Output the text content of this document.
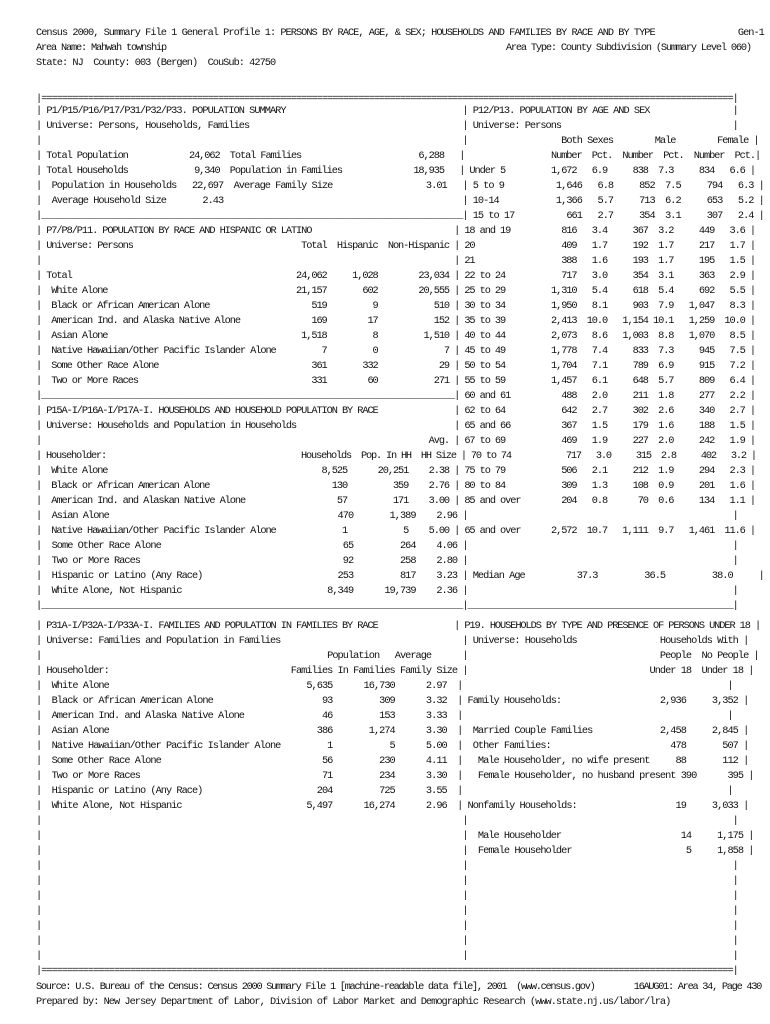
Census 2000, Summary File 1 General Profile 1: PERSONS BY RACE, AGE, & SEX; HOUSEHOLDS AND FAMILIES BY RACE AND BY TYPE                Gen-1
Area Name: Mahwah township                                                                    Area Type: County Subdivision (Summary Level 060)
State: NJ  County: 003 (Bergen)  CouSub: 42750
|=====================================================================================================================================|
| P1/P15/P16/P17/P31/P32/P33. POPULATION SUMMARY                                  | P12/P13. POPULATION BY AGE AND SEX                |
| Universe: Persons, Households, Families                                         | Universe: Persons                                 |
|                                                                                 |                  Both Sexes        Male        Female |
| Total Population            24,062  Total Families                       6,288   |                 Number  Pct.  Number  Pct.  Number  Pct.|
| Total Households             9,340  Population in Families              18,935   | Under 5         1,672   6.9     838  7.3     834   6.6 |
|  Population in Households   22,697  Average Family Size                  3.01   | 5 to 9          1,646   6.8     852  7.5     794   6.3 |
|  Average Household Size       2.43                                              | 10-14           1,366   5.7     713  6.2     653   5.2 |
|_________________________________________________________________________________| 15 to 17          661   2.7     354  3.1     307   2.4 |
| P7/P8/P11. POPULATION BY RACE AND HISPANIC OR LATINO                            | 18 and 19          816   3.4     367  3.2     449   3.6 |
| Universe: Persons                                 Total  Hispanic  Non-Hispanic | 20                 409   1.7     192  1.7     217   1.7 |
|                                                                                 | 21                 388   1.6     193  1.7     195   1.5 |
| Total                                            24,062     1,028        23,034 | 22 to 24           717   3.0     354  3.1     363   2.9 |
|  White Alone                                     21,157       602        20,555 | 25 to 29         1,310   5.4     618  5.4     692   5.5 |
|  Black or African American Alone                    519         9           510 | 30 to 34         1,950   8.1     903  7.9   1,047   8.3 |
|  American Ind. and Alaska Native Alone              169        17           152 | 35 to 39         2,413  10.0   1,154 10.1   1,259  10.0 |
|  Asian Alone                                      1,518         8         1,510 | 40 to 44         2,073   8.6   1,003  8.8   1,070   8.5 |
|  Native Hawaiian/Other Pacific Islander Alone         7         0             7 | 45 to 49         1,778   7.4     833  7.3     945   7.5 |
|  Some Other Race Alone                              361       332            29 | 50 to 54         1,704   7.1     789  6.9     915   7.2 |
|  Two or More Races                                  331        60           271 | 55 to 59         1,457   6.1     648  5.7     809   6.4 |
|_________________________________________________________________________________| 60 and 61          488   2.0     211  1.8     277   2.2 |
| P15A-I/P16A-I/P17A-I. HOUSEHOLDS AND HOUSEHOLD POPULATION BY RACE               | 62 to 64           642   2.7     302  2.6     340   2.7 |
| Universe: Households and Population in Households                               | 65 and 66          367   1.5     179  1.6     188   1.5 |
|                                                                            Avg. | 67 to 69           469   1.9     227  2.0     242   1.9 |
| Householder:                                       Households  Pop. In HH  HH Size | 70 to 74           717   3.0     315  2.8     402   3.2 |
|  White Alone                                          8,525      20,251    2.38 | 75 to 79           506   2.1     212  1.9     294   2.3 |
|  Black or African American Alone                        130         359    2.76 | 80 to 84           309   1.3     108  0.9     201   1.6 |
|  American Ind. and Alaskan Native Alone                  57         171    3.00 | 85 and over        204   0.8      70  0.6     134   1.1 |
|  Asian Alone                                            470       1,389    2.96 |                                                   |
|  Native Hawaiian/Other Pacific Islander Alone             1           5    5.00 | 65 and over      2,572  10.7   1,111  9.7   1,461  11.6 |
|  Some Other Race Alone                                   65         264    4.06 |                                                   |
|  Two or More Races                                       92         258    2.80 |                                                   |
|  Hispanic or Latino (Any Race)                          253         817    3.23 | Median Age          37.3         36.5         38.0     |
|  White Alone, Not Hispanic                            8,349      19,739    2.36 |                                                   |
|_________________________________________________________________________________|___________________________________________________|
| P31A-I/P32A-I/P33A-I. FAMILIES AND POPULATION IN FAMILIES BY RACE               | P19. HOUSEHOLDS BY TYPE AND PRESENCE OF PERSONS UNDER 18 |
| Universe: Families and Population in Families                                   | Universe: Households                Households With |
|                                                       Population   Average      |                                     People  No People |
| Householder:                                   Families In Families Family Size |                                   Under 18  Under 18 |
|  White Alone                                      5,635      16,730      2.97  |                                                   |
|  Black or African American Alone                     93         309      3.32  | Family Households:                   2,936     3,352 |
|  American Ind. and Alaska Native Alone               46         153      3.33  |                                                   |
|  Asian Alone                                        386       1,274      3.30  |  Married Couple Families             2,458     2,845 |
|  Native Hawaiian/Other Pacific Islander Alone         1           5      5.00  |  Other Families:                       478       507 |
|  Some Other Race Alone                               56         230      4.11  |   Male Householder, no wife present     88       112 |
|  Two or More Races                                   71         234      3.30  |   Female Householder, no husband present 390      395 |
|  Hispanic or Latino (Any Race)                      204         725      3.55  |                                                   |
|  White Alone, Not Hispanic                        5,497      16,274      2.96  | Nonfamily Households:                   19     3,033 |
|                                                                                 |                                                   |
|                                                                                 |  Male Householder                       14     1,175 |
|                                                                                 |  Female Householder                      5     1,858 |
|                                                                                 |                                                   |
|                                                                                 |                                                   |
|                                                                                 |                                                   |
|                                                                                 |                                                   |
|                                                                                 |                                                   |
|                                                                                 |                                                   |
|                                                                                 |                                                   |
|=====================================================================================================================================|
Source: U.S. Bureau of the Census: Census 2000 Summary File 1 [machine-readable data file], 2001  (www.census.gov)        16AUG01: Area 34, Page 430
Prepared by: New Jersey Department of Labor, Division of Labor Market and Demographic Research (www.state.nj.us/labor/lra)
